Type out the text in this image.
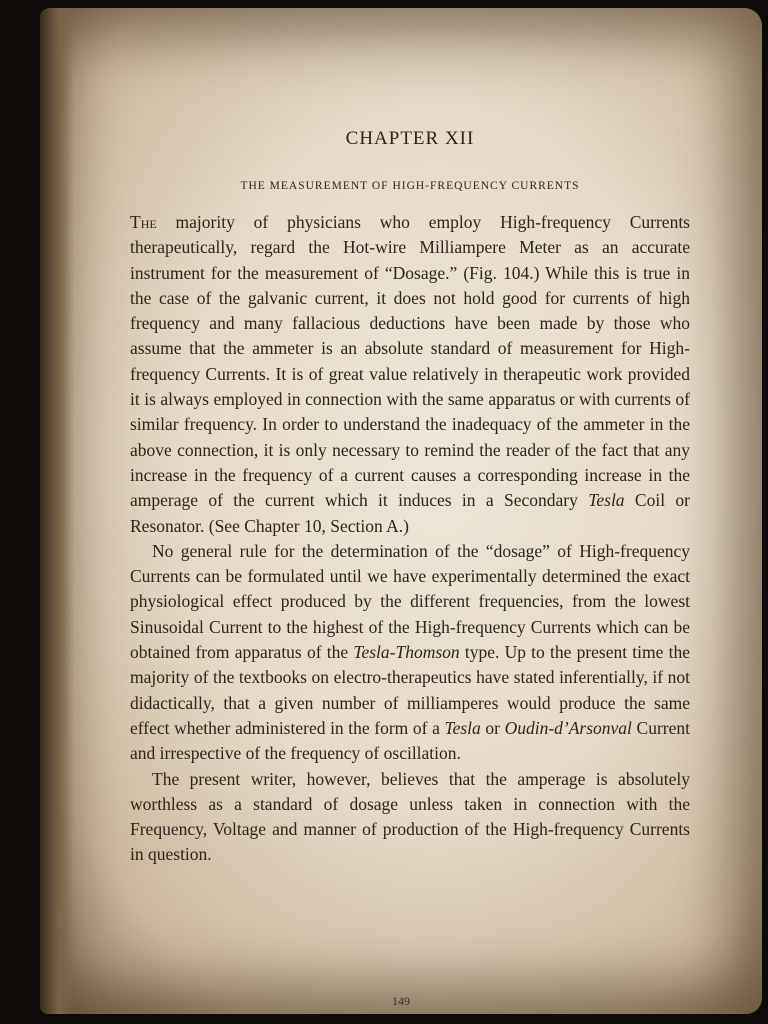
CHAPTER XII
THE MEASUREMENT OF HIGH-FREQUENCY CURRENTS

The majority of physicians who employ High-frequency Currents therapeutically, regard the Hot-wire Milliampere Meter as an accurate instrument for the measurement of “Dosage.” (Fig. 104.) While this is true in the case of the galvanic current, it does not hold good for currents of high frequency and many fallacious deductions have been made by those who assume that the ammeter is an absolute standard of measurement for High-frequency Currents. It is of great value relatively in therapeutic work provided it is always employed in connection with the same apparatus or with currents of similar frequency. In order to understand the inadequacy of the ammeter in the above connection, it is only necessary to remind the reader of the fact that any increase in the frequency of a current causes a corresponding increase in the amperage of the current which it induces in a Secondary Tesla Coil or Resonator. (See Chapter 10, Section A.)

No general rule for the determination of the “dosage” of High-frequency Currents can be formulated until we have experimentally determined the exact physiological effect produced by the different frequencies, from the lowest Sinusoidal Current to the highest of the High-frequency Currents which can be obtained from apparatus of the Tesla-Thomson type. Up to the present time the majority of the textbooks on electro-therapeutics have stated inferentially, if not didactically, that a given number of milliamperes would produce the same effect whether administered in the form of a Tesla or Oudin-d’Arsonval Current and irrespective of the frequency of oscillation.

The present writer, however, believes that the amperage is absolutely worthless as a standard of dosage unless taken in connection with the Frequency, Voltage and manner of production of the High-frequency Currents in question.

149
